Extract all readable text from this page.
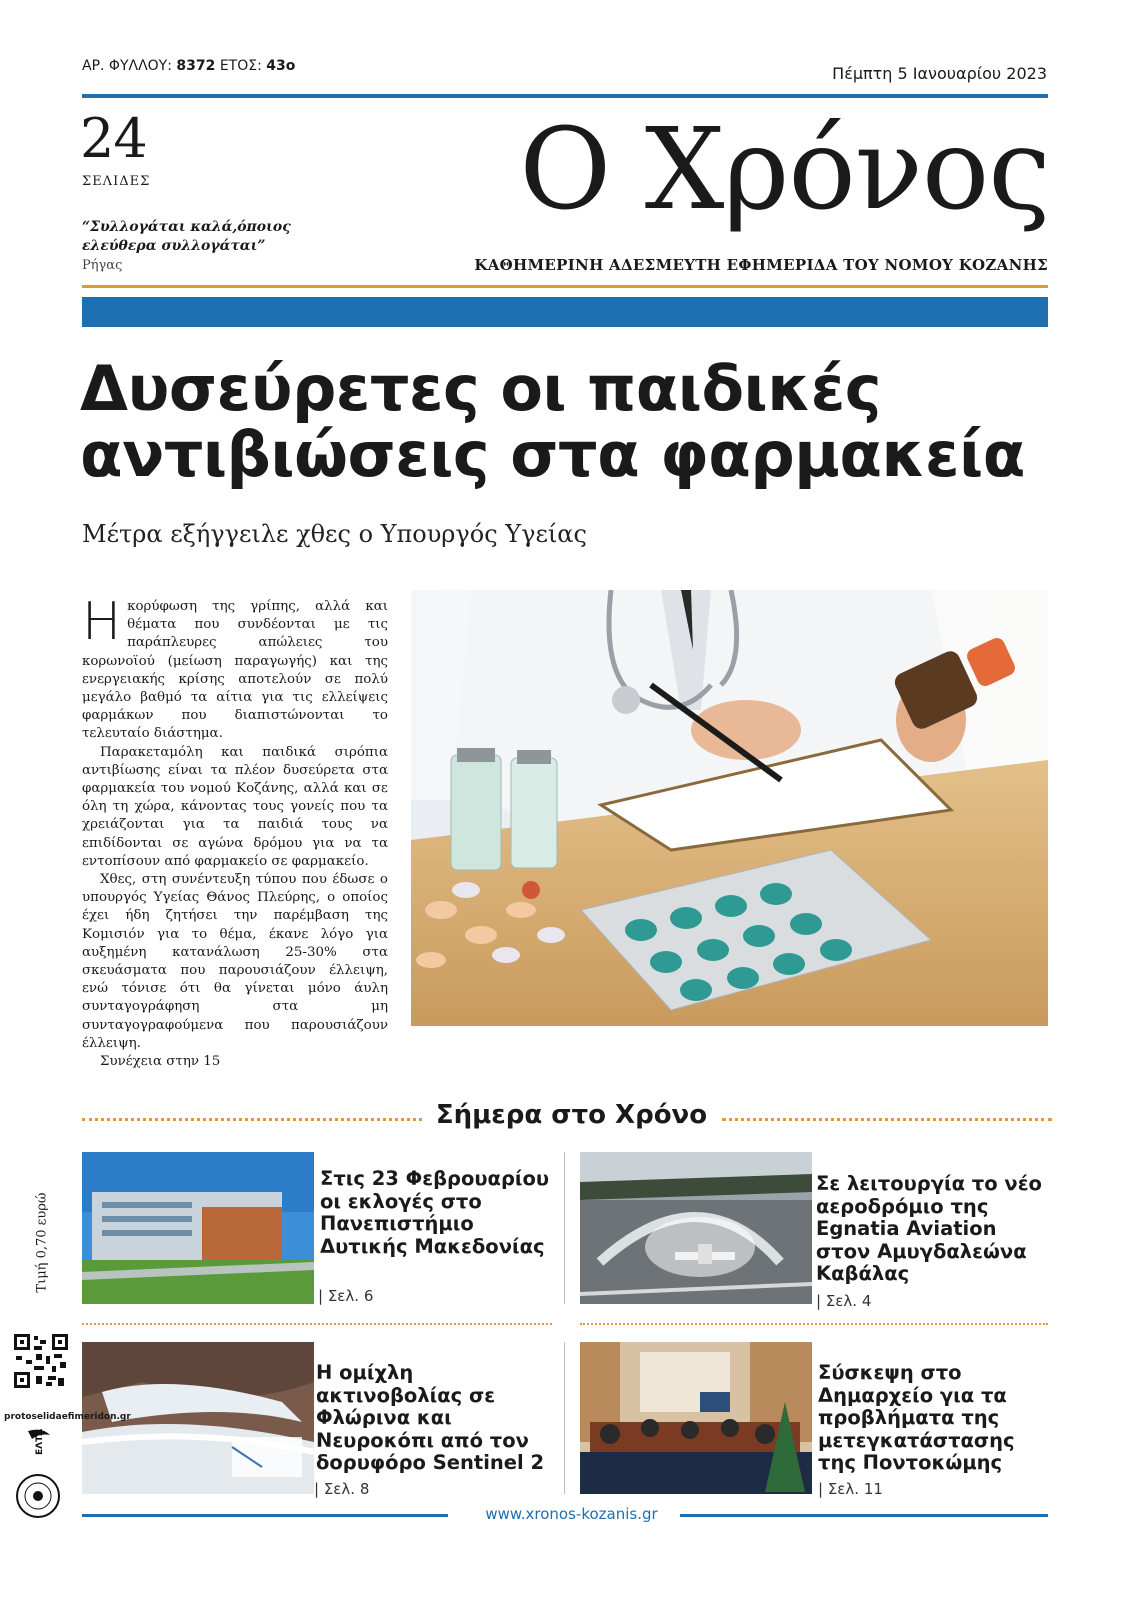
ΑΡ. ΦΥΛΛΟΥ: 8372 ΕΤΟΣ: 43ο	Πέμπτη 5 Ιανουαρίου 2023
24
ΣΕΛΙΔΕΣ
“Συλλογάται καλά,όποιος
ελεύθερα συλλογάται”
Ρήγας
Ο Χρόνος
ΚΑΘΗΜΕΡΙΝΗ ΑΔΕΣΜΕΥΤΗ ΕΦΗΜΕΡΙΔΑ ΤΟΥ ΝΟΜΟΥ ΚΟΖΑΝΗΣ
Δυσεύρετες οι παιδικές
αντιβιώσεις στα φαρμακεία
Μέτρα εξήγγειλε χθες ο Υπουργός Υγείας

Ηκορύφωση της γρίπης, αλλά και θέματα που συνδέονται με τις παράπλευρες απώλειες του κορωνοϊού (μείωση παραγωγής) και της ενεργειακής κρίσης αποτελούν σε πολύ μεγάλο βαθμό τα αίτια για τις ελλείψεις φαρμάκων που διαπιστώνονται το τελευταίο διάστημα.

Παρακεταμόλη και παιδικά σιρόπια αντιβίωσης είναι τα πλέον δυσεύρετα στα φαρμακεία του νομού Κοζάνης, αλλά και σε όλη τη χώρα, κάνοντας τους γονείς που τα χρειάζονται για τα παιδιά τους να επιδίδονται σε αγώνα δρόμου για να τα εντοπίσουν από φαρμακείο σε φαρμακείο.

Χθες, στη συνέντευξη τύπου που έδωσε ο υπουργός Υγείας Θάνος Πλεύρης, ο οποίος έχει ήδη ζητήσει την παρέμβαση της Κομισιόν για το θέμα, έκανε λόγο για αυξημένη κατανάλωση 25-30% στα σκευάσματα που παρουσιάζουν έλλειψη, ενώ τόνισε ότι θα γίνεται μόνο άυλη συνταγογράφηση στα μη συνταγογραφούμενα που παρουσιάζουν έλλειψη.

Συνέχεια στην 15

Σήμερα στο Χρόνο
Στις 23 Φεβρουαρίου οι εκλογές στο Πανεπιστήμιο Δυτικής Μακεδονίας
| Σελ. 6
Σε λειτουργία το νέο αεροδρόμιο της Egnatia Aviation στον Αμυγδαλεώνα Καβάλας
| Σελ. 4
Η ομίχλη ακτινοβολίας σε Φλώρινα και Νευροκόπι από τον δορυφόρο Sentinel 2
| Σελ. 8
Σύσκεψη στο Δημαρχείο για τα προβλήματα της μετεγκατάστασης της Ποντοκώμης
| Σελ. 11
Τιμή 0,70 ευρώ
protoselidaefimeridon.gr
ΕΛΤΑ
www.xronos-kozanis.gr
